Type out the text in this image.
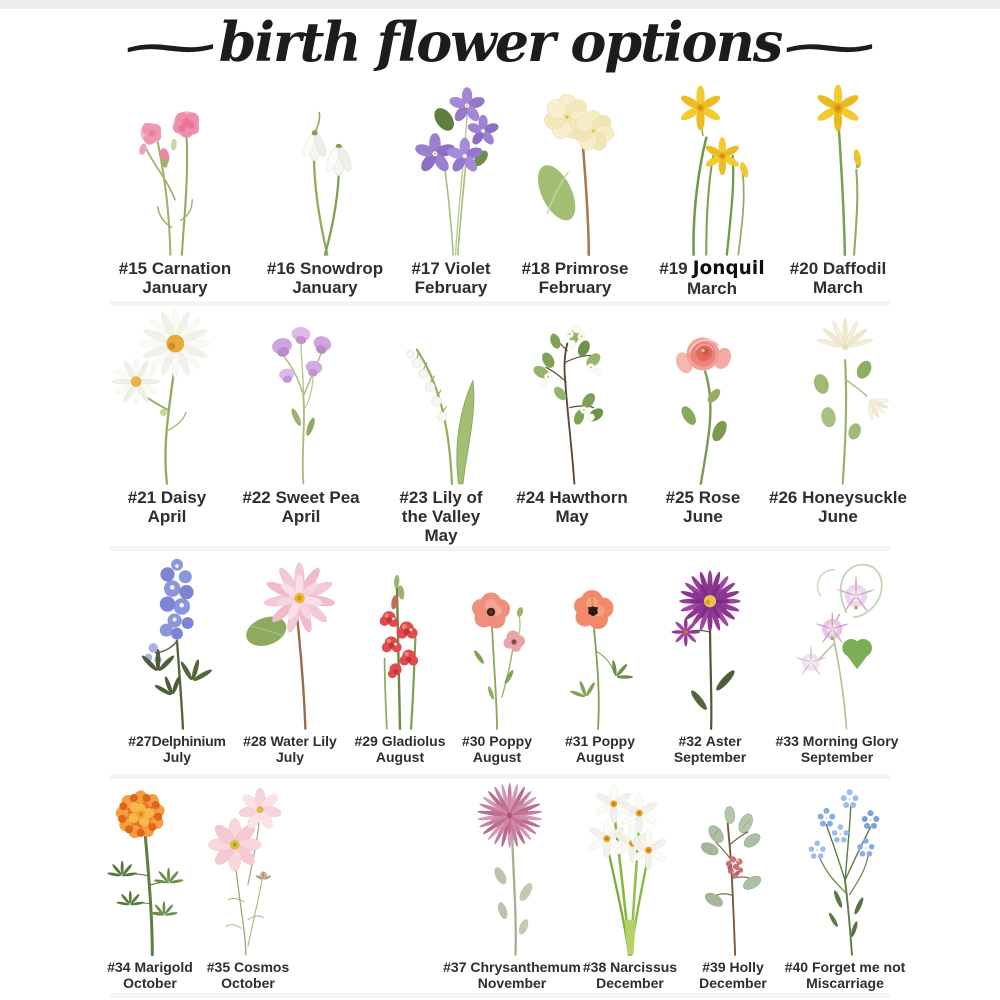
~
birth flower options
~
#15 Carnation
January
#16 Snowdrop
January
#17 Violet
February
#18 Primrose
February
#19 Jonquil
March
#20 Daffodil
March
#21 Daisy
April
#22 Sweet Pea
April
#23 Lily of the Valley
May
#24 Hawthorn
May
#25 Rose
June
#26 Honeysuckle
June
#27Delphinium
July
#28 Water Lily
July
#29 Gladiolus
August
#30 Poppy
August
#31 Poppy
August
#32 Aster
September
#33 Morning Glory
September
#34 Marigold
October
#35 Cosmos
October
#37 Chrysanthemum
November
#38 Narcissus
December
#39 Holly
December
#40 Forget me not
Miscarriage
